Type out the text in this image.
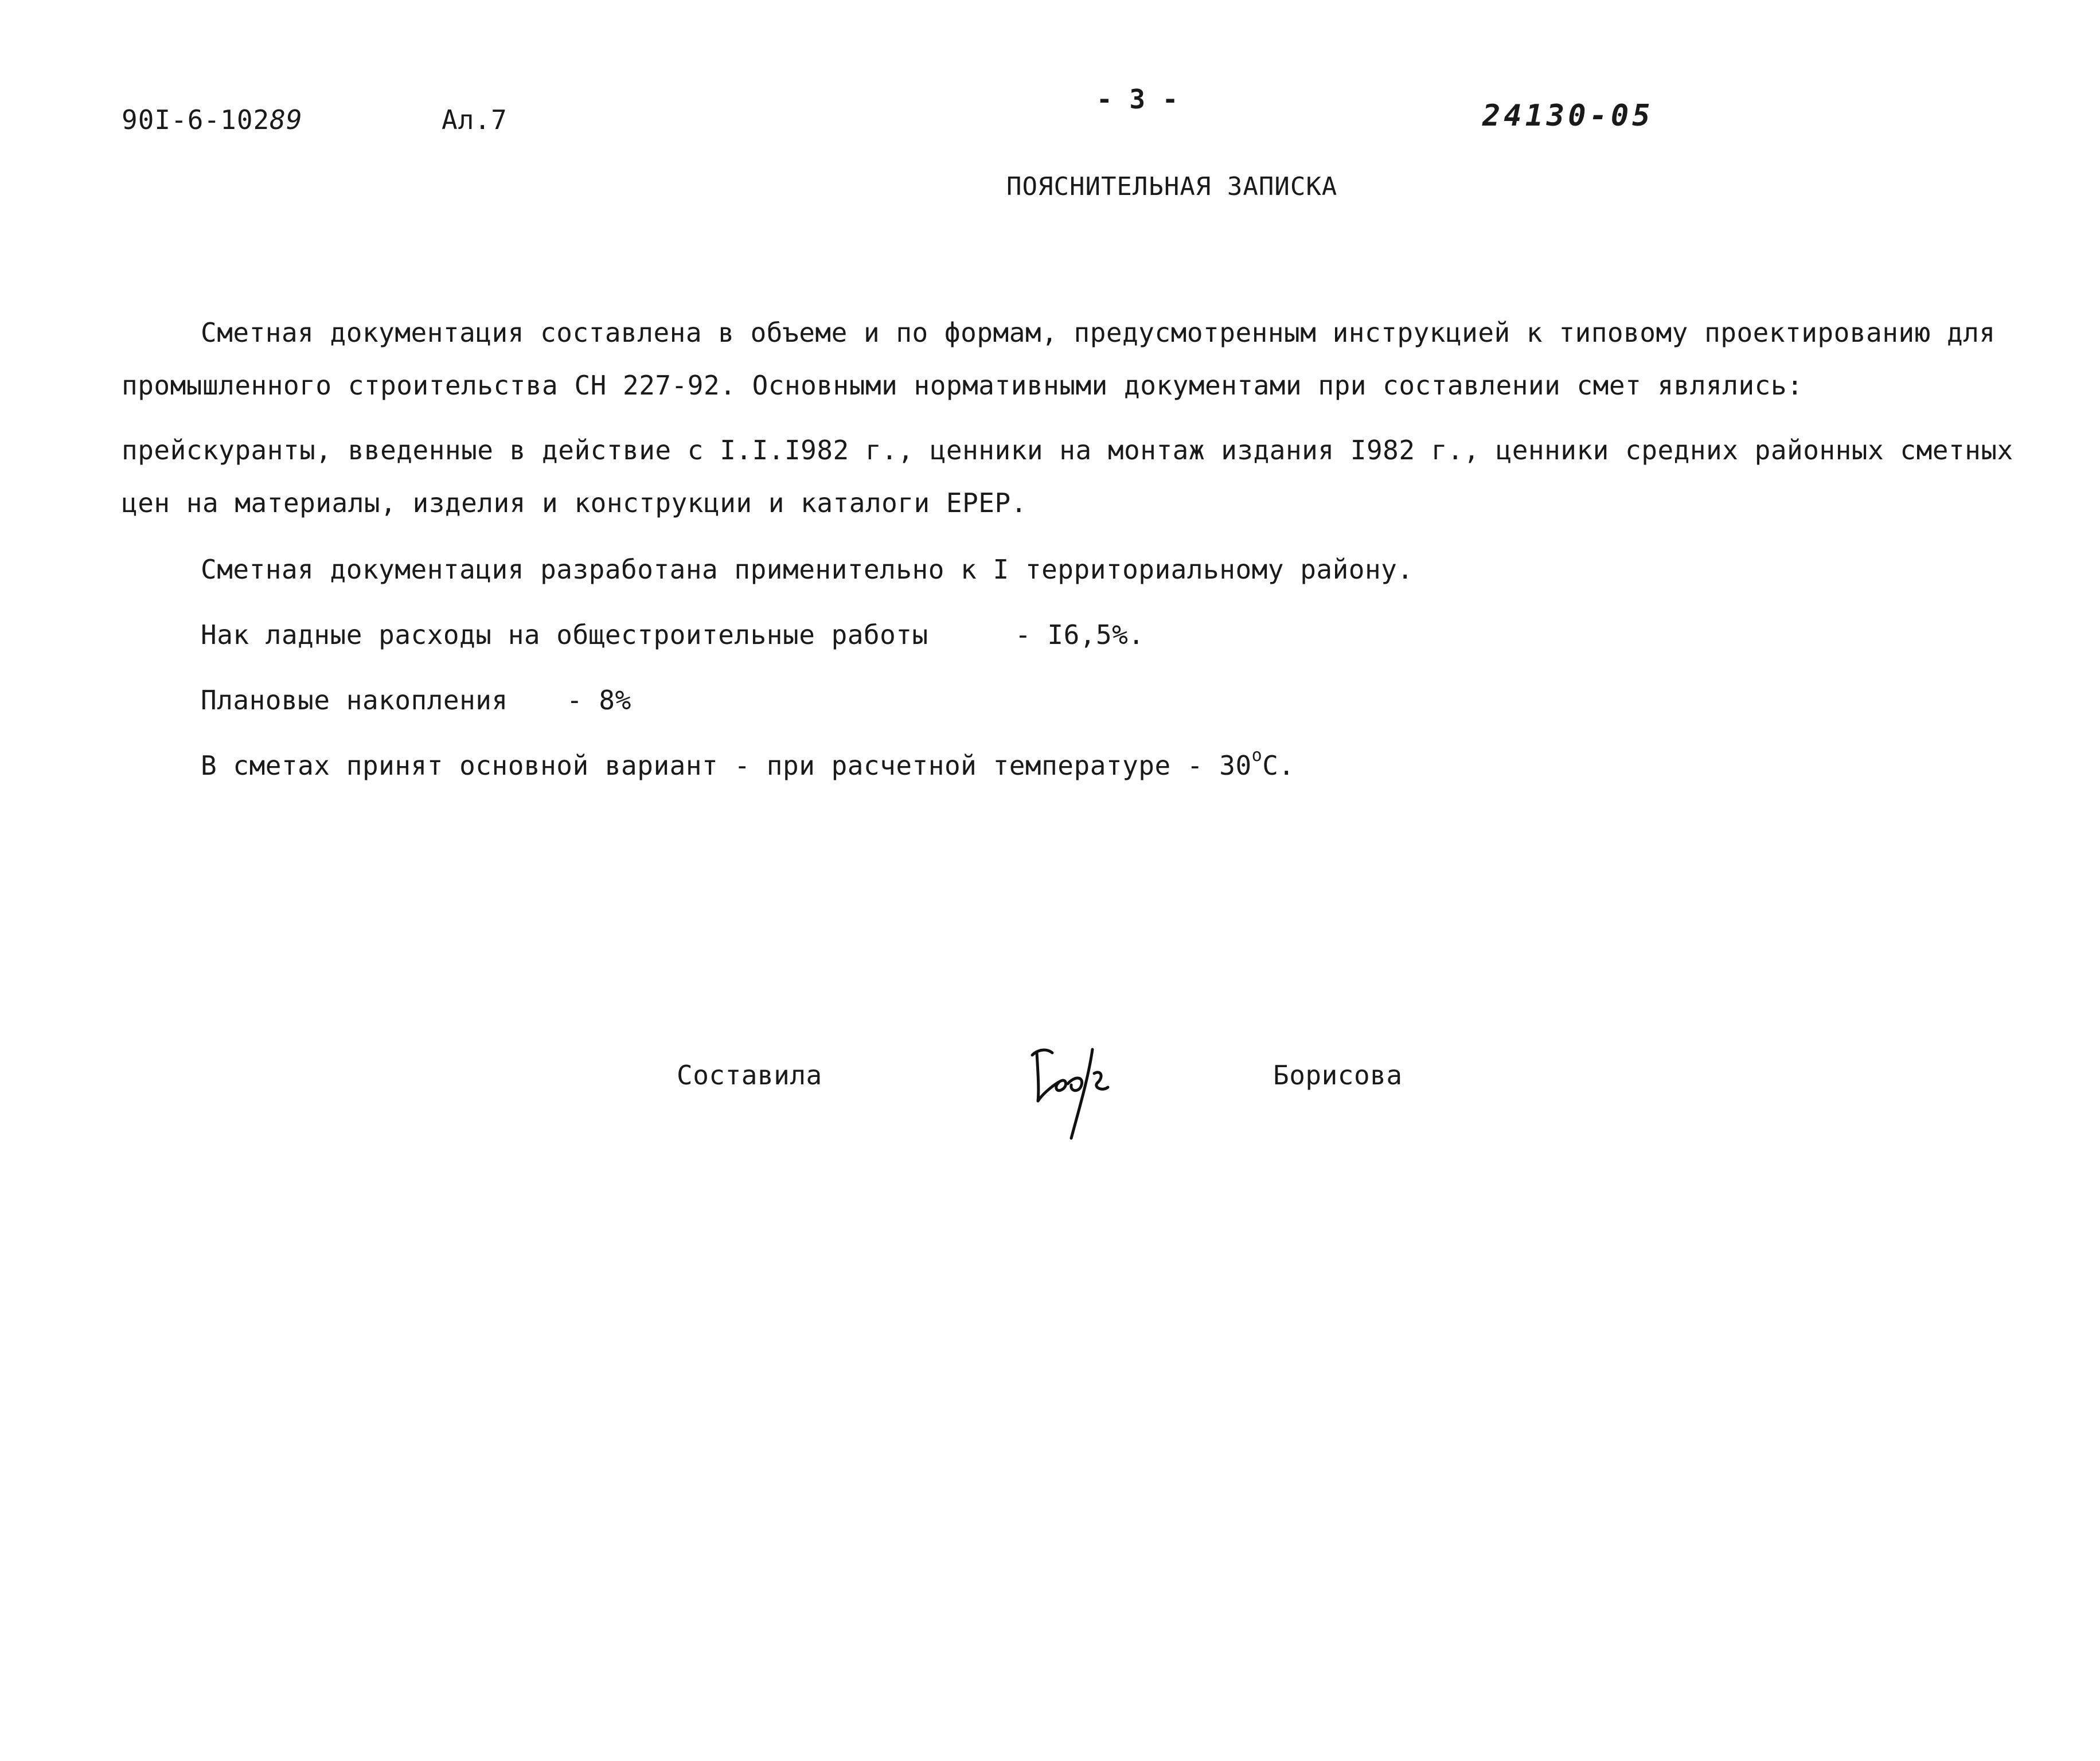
90I-6-10289	Ал.7
- 3 -	24130-05
ПОЯСНИТЕЛЬНАЯ ЗАПИСКА
Сметная документация составлена в объеме и по формам, предусмотренным инструкцией к типовому проектированию для
промышленного строительства СН 227-92. Основными нормативными документами при составлении смет являлись:
прейскуранты, введенные в действие с I.I.I982 г., ценники на монтаж издания I982 г., ценники средних районных сметных
цен на материалы, изделия и конструкции и каталоги ЕРЕР.
Сметная документация разработана применительно к I территориальному району.
Нак ладные расходы на общестроительные работы	- I6,5%.
Плановые накопления - 8%
В сметах принят основной вариант - при расчетной температуре - $30^оС$.
Составила	Борисова
